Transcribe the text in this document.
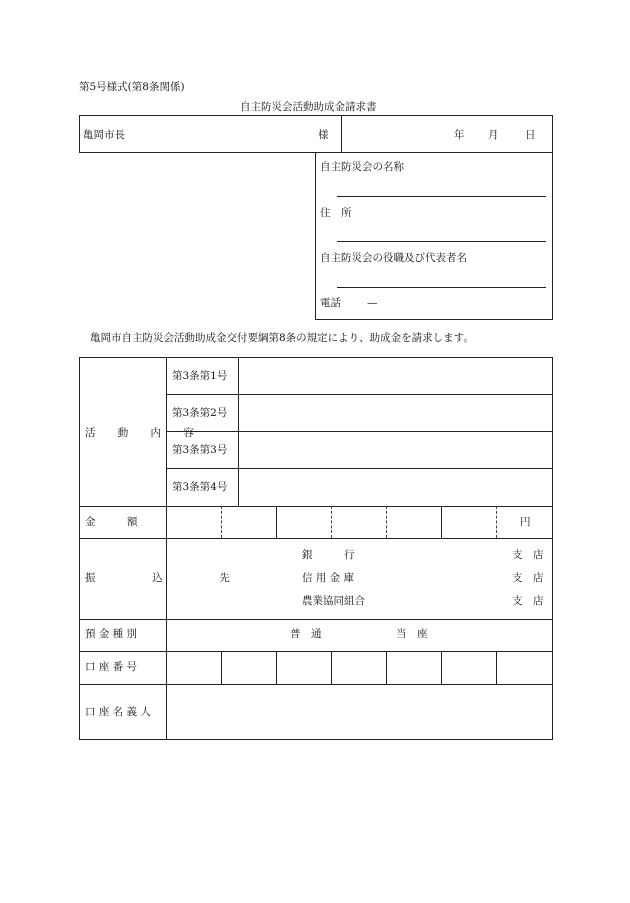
第5号様式(第8条関係)
自主防災会活動助成金請求書
亀岡市長	様	年 月	日
自主防災会の名称
住　所
自主防災会の役職及び代表者名
電話 —
亀岡市自主防災会活動助成金交付要綱第8条の規定により、助成金を請求します。
活 動 内 容
第3条第1号
第3条第2号
第3条第3号
第3条第4号
金　　　額	円
振　込　先
銀　　　行	支　店
信 用 金 庫	支　店
農業協同組合	支　店
預 金 種 別	普　通	当　座
口 座 番 号
口 座 名 義 人
